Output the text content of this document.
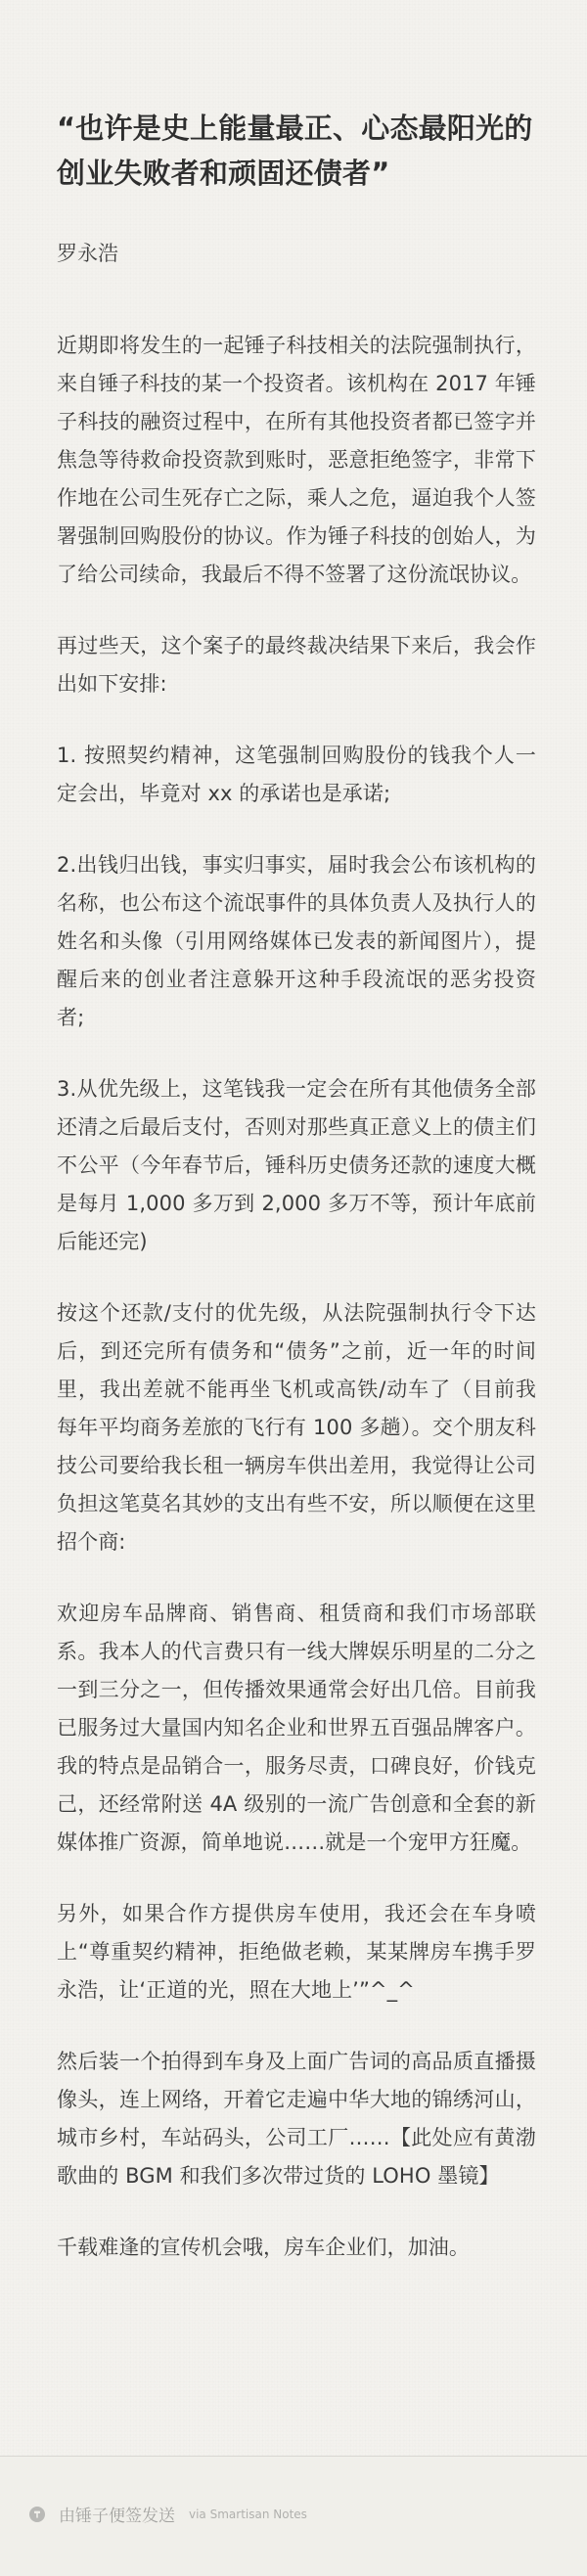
“也许是史上能量最正、心态最阳光的创业失败者和顽固还债者”
罗永浩

近期即将发生的一起锤子科技相关的法院强制执行，来自锤子科技的某一个投资者。该机构在 2017 年锤子科技的融资过程中，在所有其他投资者都已签字并焦急等待救命投资款到账时，恶意拒绝签字，非常下作地在公司生死存亡之际，乘人之危，逼迫我个人签署强制回购股份的协议。作为锤子科技的创始人，为了给公司续命，我最后不得不签署了这份流氓协议。

再过些天，这个案子的最终裁决结果下来后，我会作出如下安排:

1. 按照契约精神，这笔强制回购股份的钱我个人一定会出，毕竟对 xx 的承诺也是承诺;

2.出钱归出钱，事实归事实，届时我会公布该机构的名称，也公布这个流氓事件的具体负责人及执行人的姓名和头像（引用网络媒体已发表的新闻图片），提醒后来的创业者注意躲开这种手段流氓的恶劣投资者;

3.从优先级上，这笔钱我一定会在所有其他债务全部还清之后最后支付，否则对那些真正意义上的债主们不公平（今年春节后，锤科历史债务还款的速度大概是每月 1,000 多万到 2,000 多万不等，预计年底前后能还完)

按这个还款/支付的优先级，从法院强制执行令下达后，到还完所有债务和“债务”之前，近一年的时间里，我出差就不能再坐飞机或高铁/动车了（目前我每年平均商务差旅的飞行有 100 多趟）。交个朋友科技公司要给我长租一辆房车供出差用，我觉得让公司负担这笔莫名其妙的支出有些不安，所以顺便在这里招个商:

欢迎房车品牌商、销售商、租赁商和我们市场部联系。我本人的代言费只有一线大牌娱乐明星的二分之一到三分之一，但传播效果通常会好出几倍。目前我已服务过大量国内知名企业和世界五百强品牌客户。我的特点是品销合一，服务尽责，口碑良好，价钱克己，还经常附送 4A 级别的一流广告创意和全套的新媒体推广资源，简单地说……就是一个宠甲方狂魔。

另外，如果合作方提供房车使用，我还会在车身喷上“尊重契约精神，拒绝做老赖，某某牌房车携手罗永浩，让‘正道的光，照在大地上’”^_^

然后装一个拍得到车身及上面广告词的高品质直播摄像头，连上网络，开着它走遍中华大地的锦绣河山，城市乡村，车站码头，公司工厂……【此处应有黄渤歌曲的 BGM 和我们多次带过货的 LOHO 墨镜】

千载难逢的宣传机会哦，房车企业们，加油。

由锤子便签发送 via Smartisan Notes
